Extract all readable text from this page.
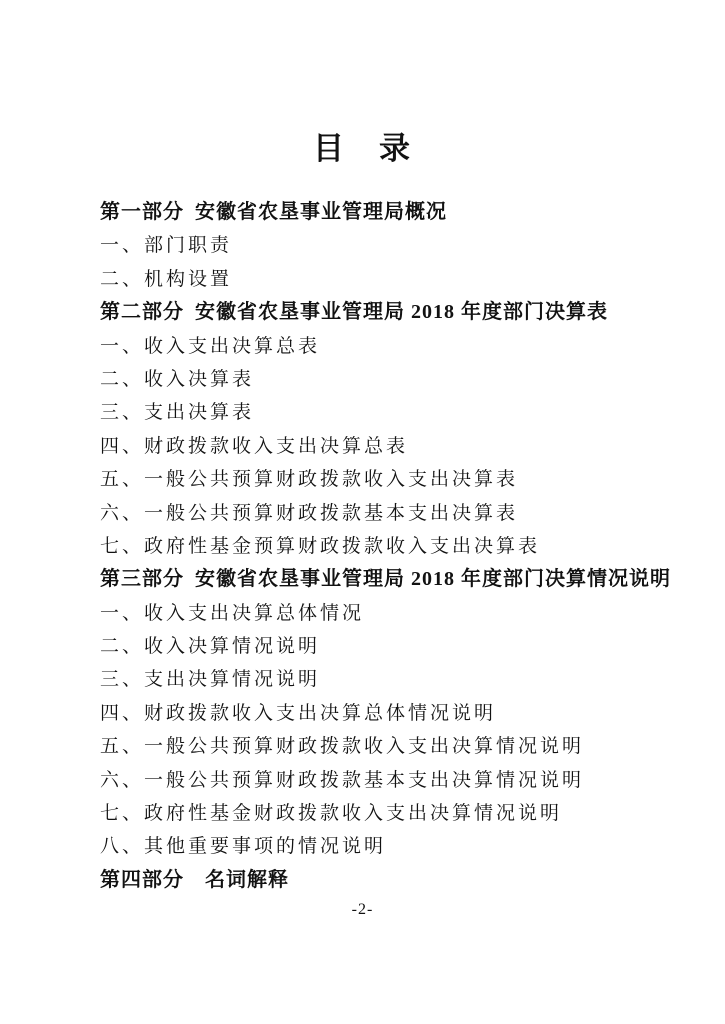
目　录
第一部分 安徽省农垦事业管理局概况
一、部门职责
二、机构设置
第二部分 安徽省农垦事业管理局 2018 年度部门决算表
一、收入支出决算总表
二、收入决算表
三、支出决算表
四、财政拨款收入支出决算总表
五、一般公共预算财政拨款收入支出决算表
六、一般公共预算财政拨款基本支出决算表
七、政府性基金预算财政拨款收入支出决算表
第三部分 安徽省农垦事业管理局 2018 年度部门决算情况说明
一、收入支出决算总体情况
二、收入决算情况说明
三、支出决算情况说明
四、财政拨款收入支出决算总体情况说明
五、一般公共预算财政拨款收入支出决算情况说明
六、一般公共预算财政拨款基本支出决算情况说明
七、政府性基金财政拨款收入支出决算情况说明
八、其他重要事项的情况说明
第四部分　名词解释
-2-
